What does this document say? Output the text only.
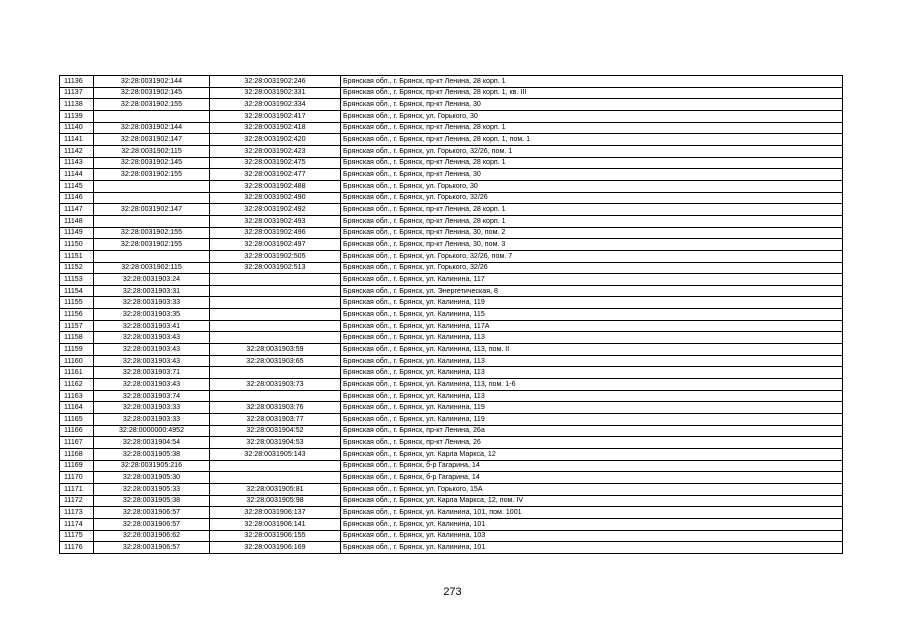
11136	32:28:0031902:144	32:28:0031902:246	Брянская обл., г. Брянск, пр-кт Ленина, 28 корп. 1
11137	32:28:0031902:145	32:28:0031902:331	Брянская обл., г. Брянск, пр-кт Ленина, 28 корп. 1, кв. III
11138	32:28:0031902:155	32:28:0031902:334	Брянская обл., г. Брянск, пр-кт Ленина, 30
11139		32:28:0031902:417	Брянская обл., г. Брянск, ул. Горького, 30
11140	32:28:0031902:144	32:28:0031902:418	Брянская обл., г. Брянск, пр-кт Ленина, 28 корп. 1
11141	32:28:0031902:147	32:28:0031902:420	Брянская обл., г. Брянск, пр-кт Ленина, 28 корп. 1, пом. 1
11142	32:28:0031902:115	32:28:0031902:423	Брянская обл., г. Брянск, ул. Горького, 32/26, пом. 1
11143	32:28:0031902:145	32:28:0031902:475	Брянская обл., г. Брянск, пр-кт Ленина, 28 корп. 1
11144	32:28:0031902:155	32:28:0031902:477	Брянская обл., г. Брянск, пр-кт Ленина, 30
11145		32:28:0031902:488	Брянская обл., г. Брянск, ул. Горького, 30
11146		32:28:0031902:490	Брянская обл., г. Брянск, ул. Горького, 32/26
11147	32:28:0031902:147	32:28:0031902:492	Брянская обл., г. Брянск, пр-кт Ленина, 28 корп. 1
11148		32:28:0031902:493	Брянская обл., г. Брянск, пр-кт Ленина, 28 корп. 1
11149	32:28:0031902:155	32:28:0031902:496	Брянская обл., г. Брянск, пр-кт Ленина, 30, пом. 2
11150	32:28:0031902:155	32:28:0031902:497	Брянская обл., г. Брянск, пр-кт Ленина, 30, пом. 3
11151		32:28:0031902:505	Брянская обл., г. Брянск, ул. Горького, 32/26, пом. 7
11152	32:28:0031902:115	32:28:0031902:513	Брянская обл., г. Брянск, ул. Горького, 32/26
11153	32:28:0031903:24		Брянская обл., г. Брянск, ул. Калинина, 117
11154	32:28:0031903:31		Брянская обл., г. Брянск, ул. Энергетическая, 8
11155	32:28:0031903:33		Брянская обл., г. Брянск, ул. Калинина, 119
11156	32:28:0031903:35		Брянская обл., г. Брянск, ул. Калинина, 115
11157	32:28:0031903:41		Брянская обл., г. Брянск, ул. Калинина, 117А
11158	32:28:0031903:43		Брянская обл., г. Брянск, ул. Калинина, 113
11159	32:28:0031903:43	32:28:0031903:59	Брянская обл., г. Брянск, ул. Калинина, 113, пом. II
11160	32:28:0031903:43	32:28:0031903:65	Брянская обл., г. Брянск, ул. Калинина, 113
11161	32:28:0031903:71		Брянская обл., г. Брянск, ул. Калинина, 113
11162	32:28:0031903:43	32:28:0031903:73	Брянская обл., г. Брянск, ул. Калинина, 113, пом. 1-6
11163	32:28:0031903:74		Брянская обл., г. Брянск, ул. Калинина, 113
11164	32:28:0031903:33	32:28:0031903:76	Брянская обл., г. Брянск, ул. Калинина, 119
11165	32:28:0031903:33	32:28:0031903:77	Брянская обл., г. Брянск, ул. Калинина, 119
11166	32:28:0000000:4952	32:28:0031904:52	Брянская обл., г. Брянск, пр-кт Ленина, 26а
11167	32:28:0031904:54	32:28:0031904:53	Брянская обл., г. Брянск, пр-кт Ленина, 26
11168	32:28:0031905:38	32:28:0031905:143	Брянская обл., г. Брянск, ул. Карла Маркса, 12
11169	32:28:0031905:216		Брянская обл., г. Брянск, б-р Гагарина, 14
11170	32:28:0031905:30		Брянская обл., г. Брянск, б-р Гагарина, 14
11171	32:28:0031905:33	32:28:0031905:81	Брянская обл., г. Брянск, ул. Горького, 15А
11172	32:28:0031905:38	32:28:0031905:98	Брянская обл., г. Брянск, ул. Карла Маркса, 12, пом. IV
11173	32:28:0031906:57	32:28:0031906:137	Брянская обл., г. Брянск, ул. Калинина, 101, пом. 1001
11174	32:28:0031906:57	32:28:0031906:141	Брянская обл., г. Брянск, ул. Калинина, 101
11175	32:28:0031906:62	32:28:0031906:155	Брянская обл., г. Брянск, ул. Калинина, 103
11176	32:28:0031906:57	32:28:0031906:169	Брянская обл., г. Брянск, ул. Калинина, 101
273
